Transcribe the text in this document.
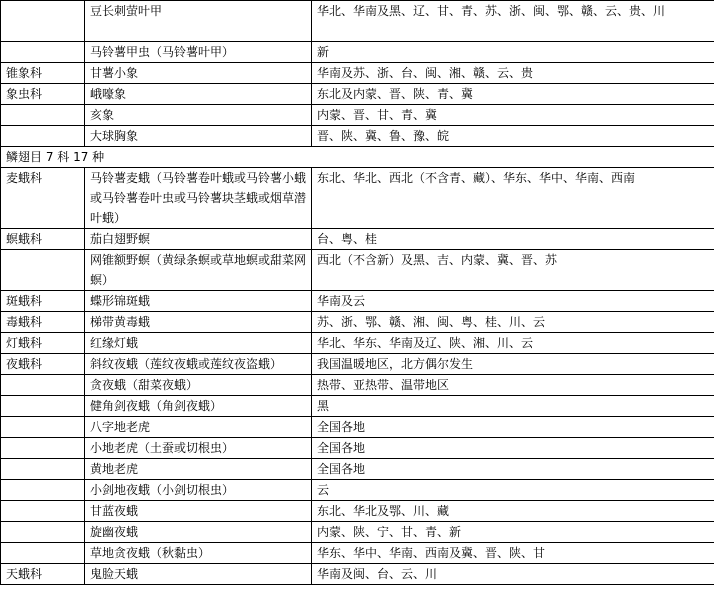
	豆长刺萤叶甲	华北、华南及黑、辽、甘、青、苏、浙、闽、鄂、赣、云、贵、川
	马铃薯甲虫（马铃薯叶甲）	新
锥象科	甘薯小象	华南及苏、浙、台、闽、湘、赣、云、贵
象虫科	峨嚎象	东北及内蒙、晋、陕、青、冀
	亥象	内蒙、晋、甘、青、冀
	大球胸象	晋、陕、冀、鲁、豫、皖
鳞翅目 7 科 17 种		
麦蛾科	马铃薯麦蛾（马铃薯卷叶蛾或马铃薯小蛾或马铃薯卷叶虫或马铃薯块茎蛾或烟草潜叶蛾）	东北、华北、西北（不含青、藏）、华东、华中、华南、西南
螟蛾科	茄白翅野螟	台、粤、桂
	网锥额野螟（黄绿条螟或草地螟或甜菜网螟）	西北（不含新）及黑、吉、内蒙、冀、晋、苏
斑蛾科	蝶形锦斑蛾	华南及云
毒蛾科	梯带黄毒蛾	苏、浙、鄂、赣、湘、闽、粤、桂、川、云
灯蛾科	红缘灯蛾	华北、华东、华南及辽、陕、湘、川、云
夜蛾科	斜纹夜蛾（莲纹夜蛾或莲纹夜盗蛾）	我国温暖地区，北方偶尔发生
	贪夜蛾（甜菜夜蛾）	热带、亚热带、温带地区
	健角剑夜蛾（角剑夜蛾）	黑
	八字地老虎	全国各地
	小地老虎（土蚕或切根虫）	全国各地
	黄地老虎	全国各地
	小剑地夜蛾（小剑切根虫）	云
	甘蓝夜蛾	东北、华北及鄂、川、藏
	旋幽夜蛾	内蒙、陕、宁、甘、青、新
	草地贪夜蛾（秋黏虫）	华东、华中、华南、西南及冀、晋、陕、甘
天蛾科	鬼脸天蛾	华南及闽、台、云、川
